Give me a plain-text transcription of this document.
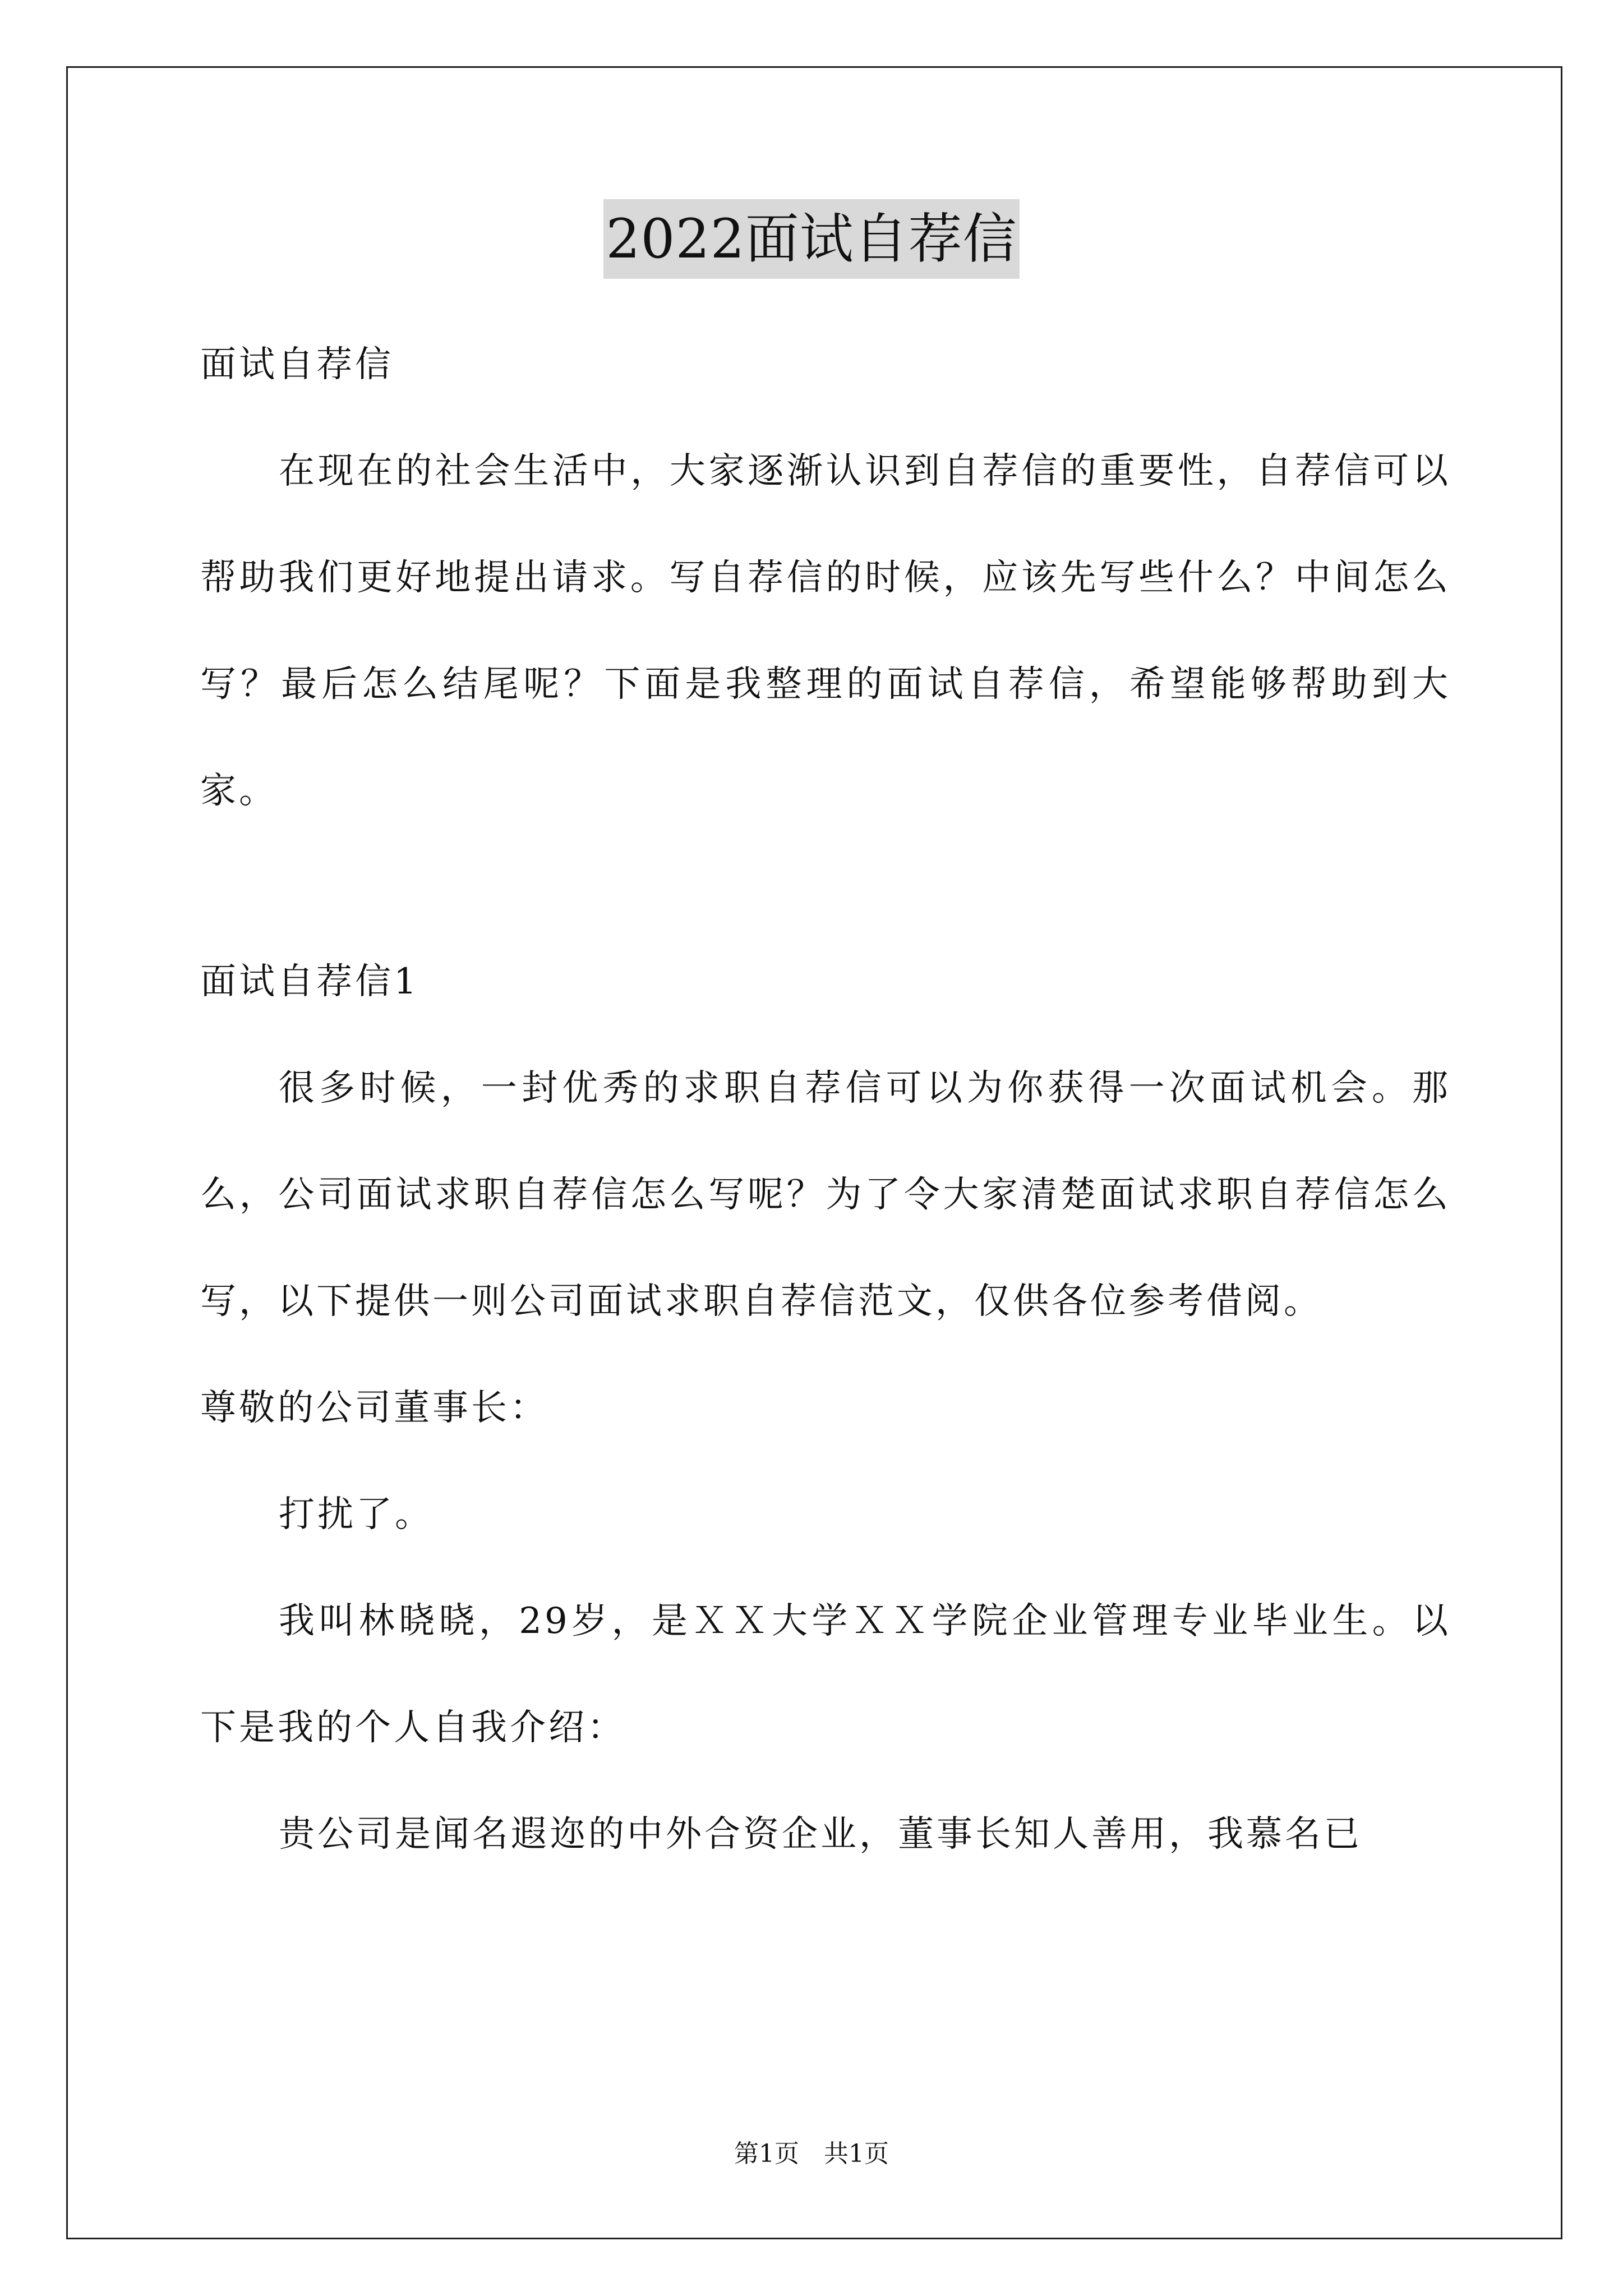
2022面试自荐信

面试自荐信

在现在的社会生活中，大家逐渐认识到自荐信的重要性，自荐信可以帮助我们更好地提出请求。写自荐信的时候，应该先写些什么？中间怎么写？最后怎么结尾呢？下面是我整理的面试自荐信，希望能够帮助到大家。

面试自荐信1

很多时候，一封优秀的求职自荐信可以为你获得一次面试机会。那么，公司面试求职自荐信怎么写呢？为了令大家清楚面试求职自荐信怎么写，以下提供一则公司面试求职自荐信范文，仅供各位参考借阅。

尊敬的公司董事长：

打扰了。

我叫林晓晓，29岁，是ＸＸ大学ＸＸ学院企业管理专业毕业生。以下是我的个人自我介绍：

贵公司是闻名遐迩的中外合资企业，董事长知人善用，我慕名已

第1页　共1页
